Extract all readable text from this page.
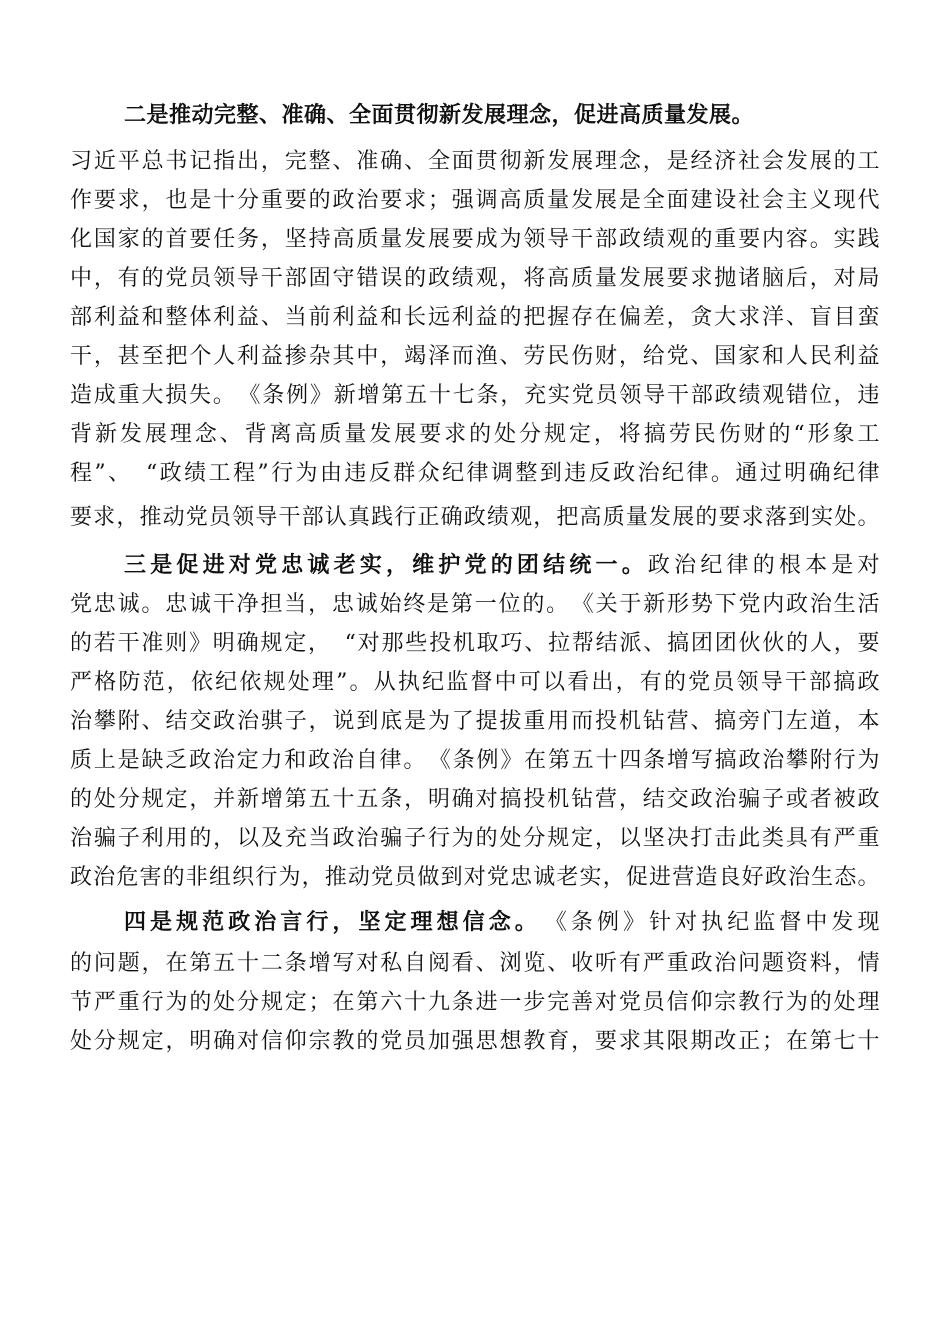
二是推动完整、准确、全面贯彻新发展理念，促进高质量发展。
习近平总书记指出，完整、准确、全面贯彻新发展理念，是经济社会发展的工
作要求，也是十分重要的政治要求；强调高质量发展是全面建设社会主义现代
化国家的首要任务，坚持高质量发展要成为领导干部政绩观的重要内容。实践
中，有的党员领导干部固守错误的政绩观，将高质量发展要求抛诸脑后，对局
部利益和整体利益、当前利益和长远利益的把握存在偏差，贪大求洋、盲目蛮
干，甚至把个人利益掺杂其中，竭泽而渔、劳民伤财，给党、国家和人民利益
造成重大损失。　《条例》新增第五十七条，充实党员领导干部政绩观错位，违
背新发展理念、背离高质量发展要求的处分规定，将搞劳民伤财的“形象工
程”、　“政绩工程”行为由违反群众纪律调整到违反政治纪律。通过明确纪律
要求，推动党员领导干部认真践行正确政绩观，把高质量发展的要求落到实处。
三是促进对党忠诚老实，维护党的团结统一。政治纪律的根本是对
党忠诚。忠诚干净担当，忠诚始终是第一位的。　《关于新形势下党内政治生活
的若干准则》明确规定，　“对那些投机取巧、拉帮结派、搞团团伙伙的人，要
严格防范，依纪依规处理”。从执纪监督中可以看出，有的党员领导干部搞政
治攀附、结交政治骐子，说到底是为了提拔重用而投机钻营、搞旁门左道，本
质上是缺乏政治定力和政治自律。　《条例》在第五十四条增写搞政治攀附行为
的处分规定，并新增第五十五条，明确对搞投机钻营，结交政治骗子或者被政
治骗子利用的，以及充当政治骗子行为的处分规定，以坚决打击此类具有严重
政治危害的非组织行为，推动党员做到对党忠诚老实，促进营造良好政治生态。
四是规范政治言行，坚定理想信念。　《条例》针对执纪监督中发现
的问题，在第五十二条增写对私自阅看、浏览、收听有严重政治问题资料，情
节严重行为的处分规定；在第六十九条进一步完善对党员信仰宗教行为的处理
处分规定，明确对信仰宗教的党员加强思想教育，要求其限期改正；在第七十
